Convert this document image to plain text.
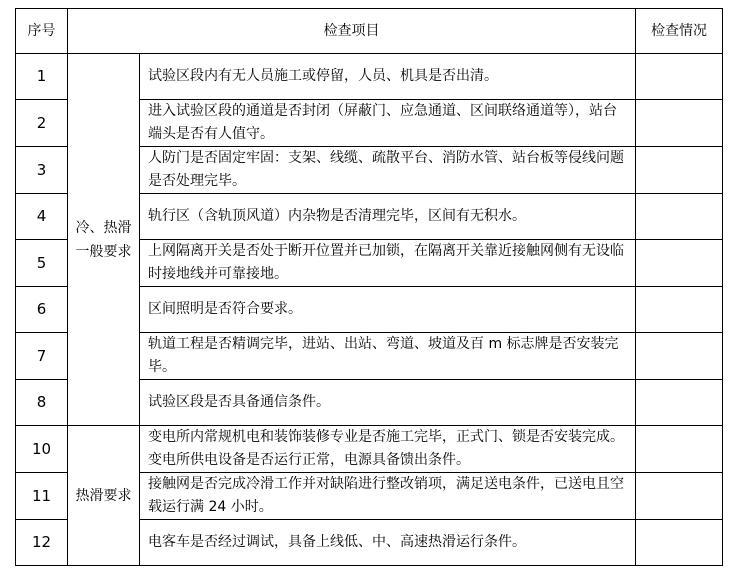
序号	检查项目		检查情况
1	冷、热滑一般要求	试验区段内有无人员施工或停留，人员、机具是否出清。	
2		进入试验区段的通道是否封闭（屏蔽门、应急通道、区间联络通道等），站台端头是否有人值守。	
3		人防门是否固定牢固：支架、线缆、疏散平台、消防水管、站台板等侵线问题是否处理完毕。	
4		轨行区（含轨顶风道）内杂物是否清理完毕，区间有无积水。	
5		上网隔离开关是否处于断开位置并已加锁，在隔离开关靠近接触网侧有无设临时接地线并可靠接地。	
6		区间照明是否符合要求。	
7		轨道工程是否精调完毕，进站、出站、弯道、坡道及百 m 标志牌是否安装完毕。	
8		试验区段是否具备通信条件。	
10	热滑要求	变电所内常规机电和装饰装修专业是否施工完毕，正式门、锁是否安装完成。变电所供电设备是否运行正常，电源具备馈出条件。	
11		接触网是否完成冷滑工作并对缺陷进行整改销项，满足送电条件，已送电且空载运行满 24 小时。	
12		电客车是否经过调试，具备上线低、中、高速热滑运行条件。	
